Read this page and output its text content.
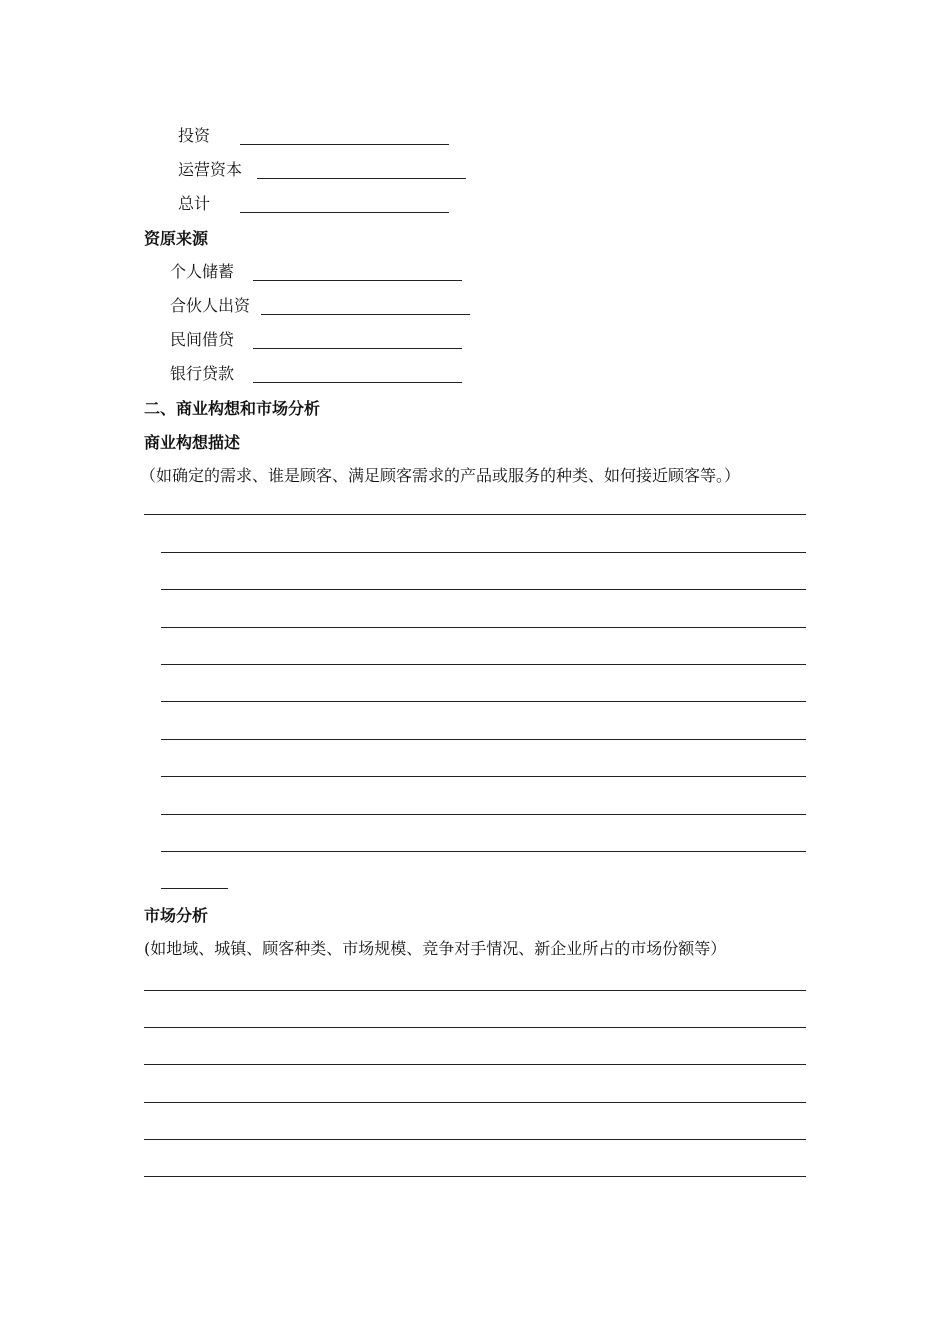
投资
运营资本
总计
资原来源
个人储蓄
合伙人出资
民间借贷
银行贷款
二、商业构想和市场分析
商业构想描述
（如确定的需求、谁是顾客、满足顾客需求的产品或服务的种类、如何接近顾客等。）
市场分析
(如地域、城镇、顾客种类、市场规模、竞争对手情况、新企业所占的市场份额等）
